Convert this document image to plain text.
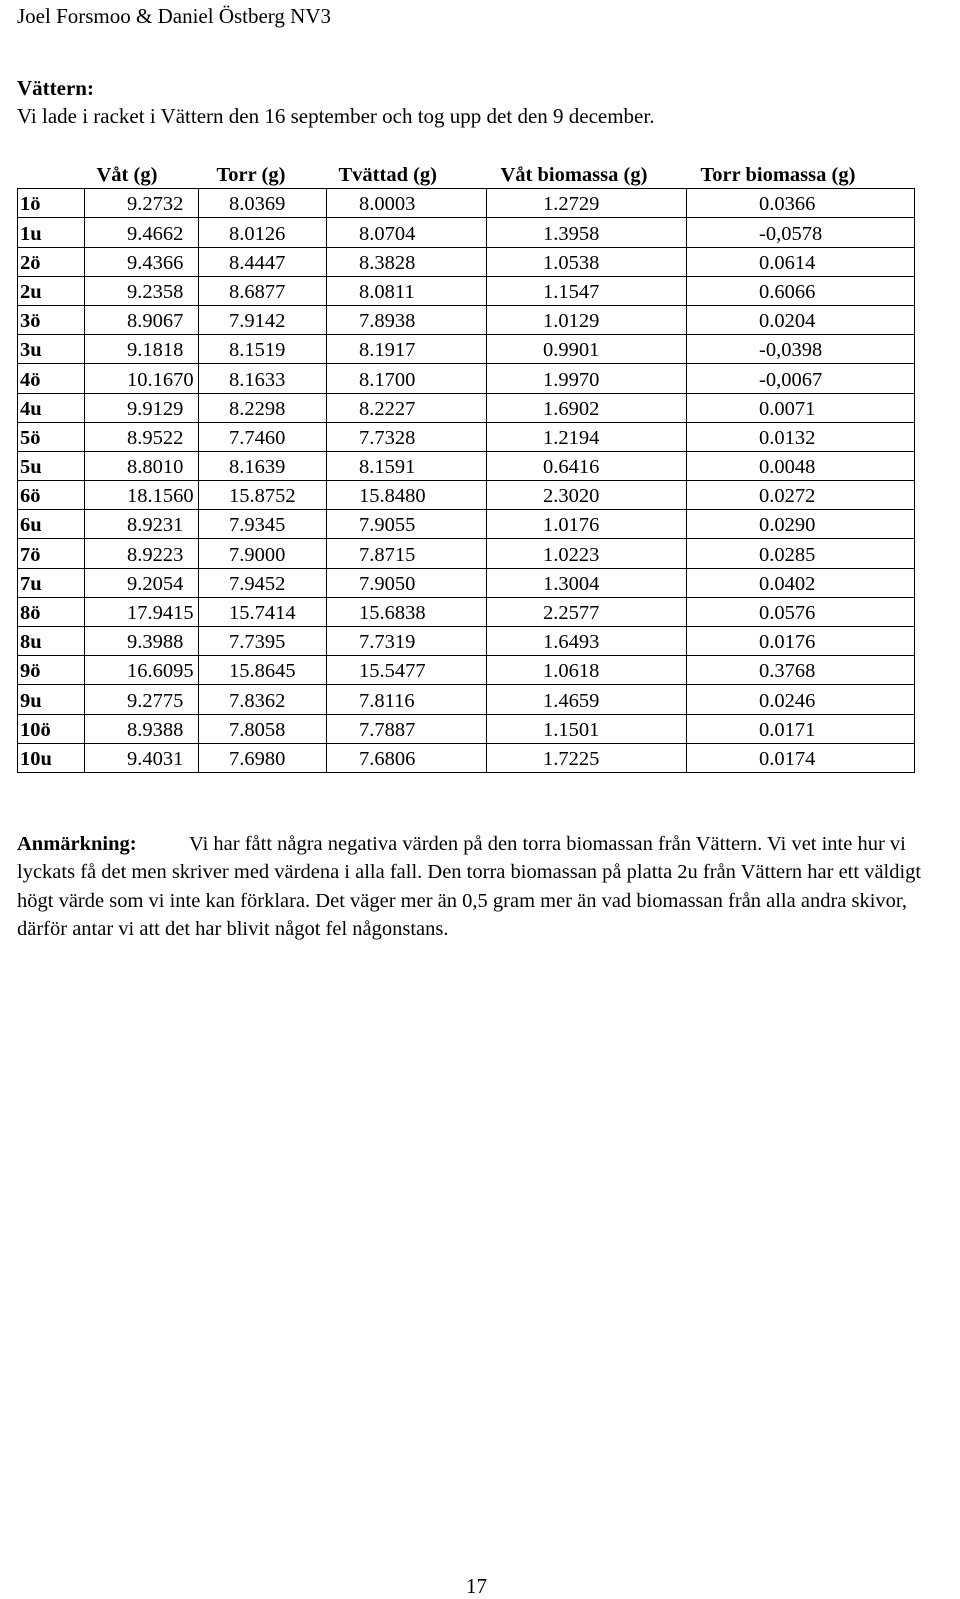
Joel Forsmoo & Daniel Östberg NV3
Vättern:
Vi lade i racket i Vättern den 16 september och tog upp det den 9 december.
	Våt (g)	Torr (g)	Tvättad (g)	Våt biomassa (g)	Torr biomassa (g)
1ö	9.2732	8.0369	8.0003	1.2729	0.0366
1u	9.4662	8.0126	8.0704	1.3958	-0,0578
2ö	9.4366	8.4447	8.3828	1.0538	0.0614
2u	9.2358	8.6877	8.0811	1.1547	0.6066
3ö	8.9067	7.9142	7.8938	1.0129	0.0204
3u	9.1818	8.1519	8.1917	0.9901	-0,0398
4ö	10.1670	8.1633	8.1700	1.9970	-0,0067
4u	9.9129	8.2298	8.2227	1.6902	0.0071
5ö	8.9522	7.7460	7.7328	1.2194	0.0132
5u	8.8010	8.1639	8.1591	0.6416	0.0048
6ö	18.1560	15.8752	15.8480	2.3020	0.0272
6u	8.9231	7.9345	7.9055	1.0176	0.0290
7ö	8.9223	7.9000	7.8715	1.0223	0.0285
7u	9.2054	7.9452	7.9050	1.3004	0.0402
8ö	17.9415	15.7414	15.6838	2.2577	0.0576
8u	9.3988	7.7395	7.7319	1.6493	0.0176
9ö	16.6095	15.8645	15.5477	1.0618	0.3768
9u	9.2775	7.8362	7.8116	1.4659	0.0246
10ö	8.9388	7.8058	7.7887	1.1501	0.0171
10u	9.4031	7.6980	7.6806	1.7225	0.0174
Anmärkning:	Vi har fått några negativa värden på den torra biomassan från Vättern. Vi vet inte hur vi lyckats få det men skriver med värdena i alla fall. Den torra biomassan på platta 2u från Vättern har ett väldigt högt värde som vi inte kan förklara. Det väger mer än 0,5 gram mer än vad biomassan från alla andra skivor, därför antar vi att det har blivit något fel någonstans.
17
